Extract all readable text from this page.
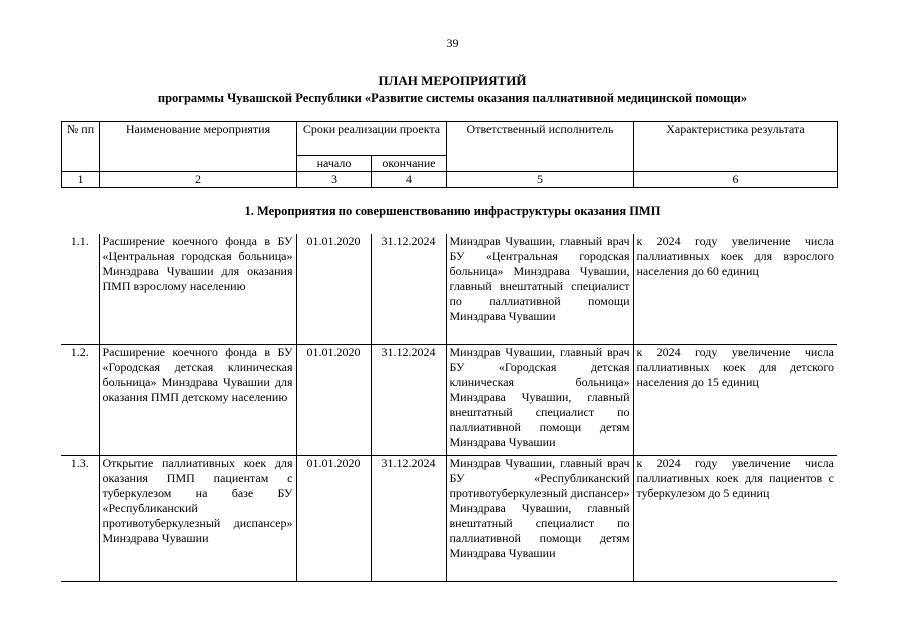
39
ПЛАН МЕРОПРИЯТИЙ
программы Чувашской Республики «Развитие системы оказания паллиативной медицинской помощи»
№ пп	Наименование мероприятия	Сроки реализации проекта		Ответственный исполнитель	Характеристика результата
		начало	окончание		
1	2	3	4	5	6
1. Мероприятия по совершенствованию инфраструктуры оказания ПМП
1.1.	Расширение коечного фонда в БУ «Центральная городская больница» Минздрава Чувашии для оказания ПМП взрослому населению	01.01.2020	31.12.2024	Минздрав Чувашии, главный врач БУ «Центральная городская больница» Минздрава Чувашии, главный внештатный специалист по паллиативной помощи Минздрава Чувашии	к 2024 году увеличение числа паллиативных коек для взрослого населения до 60 единиц
1.2.	Расширение коечного фонда в БУ «Городская детская клиническая больница» Минздрава Чувашии для оказания ПМП детскому населению	01.01.2020	31.12.2024	Минздрав Чувашии, главный врач БУ «Городская детская клиническая больница» Минздрава Чувашии, главный внештатный специалист по паллиативной помощи детям Минздрава Чувашии	к 2024 году увеличение числа паллиативных коек для детского населения до 15 единиц
1.3.	Открытие паллиативных коек для оказания ПМП пациентам с туберкулезом на базе БУ «Республиканский противотуберкулезный диспансер» Минздрава Чувашии	01.01.2020	31.12.2024	Минздрав Чувашии, главный врач БУ «Республиканский противотуберкулезный диспансер» Минздрава Чувашии, главный внештатный специалист по паллиативной помощи детям Минздрава Чувашии	к 2024 году увеличение числа паллиативных коек для пациентов с туберкулезом до 5 единиц
